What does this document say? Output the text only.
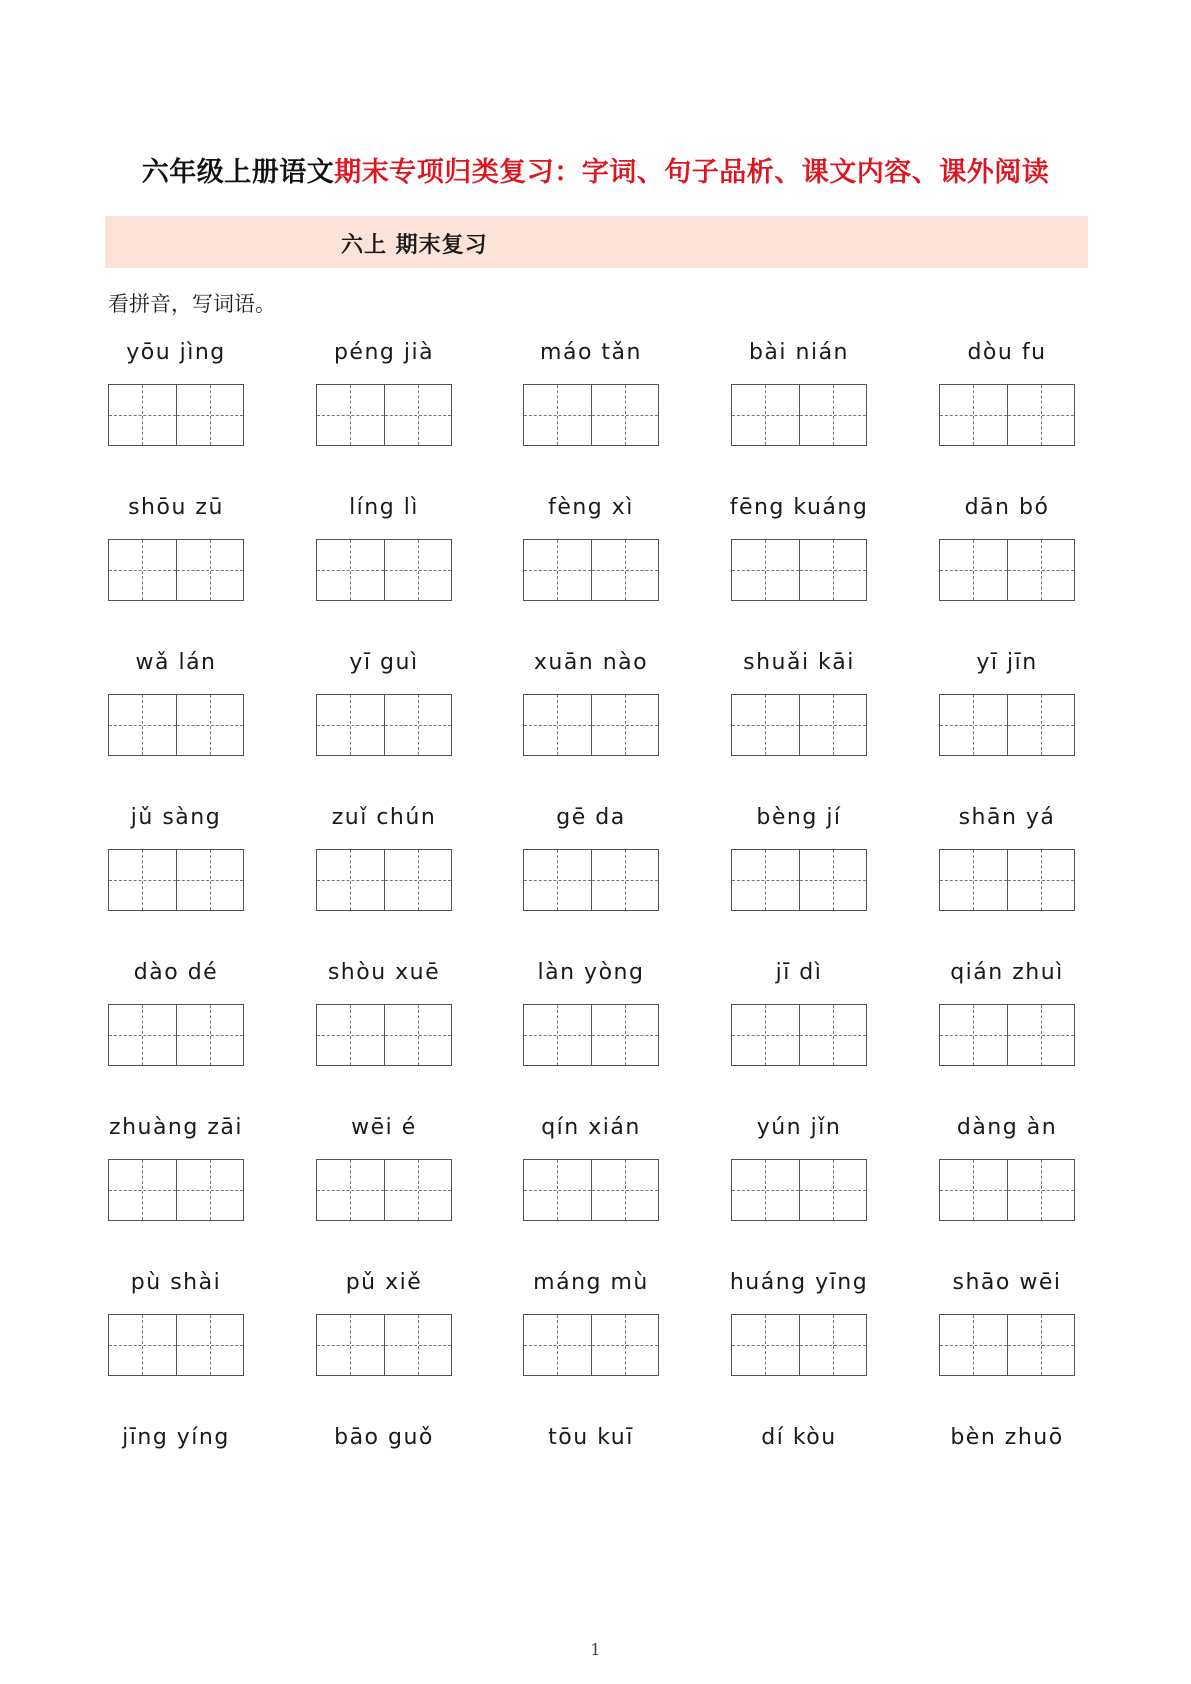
六年级上册语文期末专项归类复习：字词、句子品析、课文内容、课外阅读
六上 期末复习
看拼音，写词语。
yōu jìng	péng jià	máo tǎn	bài nián	dòu fu
shōu zū	líng lì	fèng xì	fēng kuáng	dān bó
wǎ lán	yī guì	xuān nào	shuǎi kāi	yī jīn
jǔ sàng	zuǐ chún	gē da	bèng jí	shān yá
dào dé	shòu xuē	làn yòng	jī dì	qián zhuì
zhuàng zāi	wēi é	qín xián	yún jǐn	dàng àn
pù shài	pǔ xiě	máng mù	huáng yīng	shāo wēi
jīng yíng	bāo guǒ	tōu kuī	dí kòu	bèn zhuō
1
